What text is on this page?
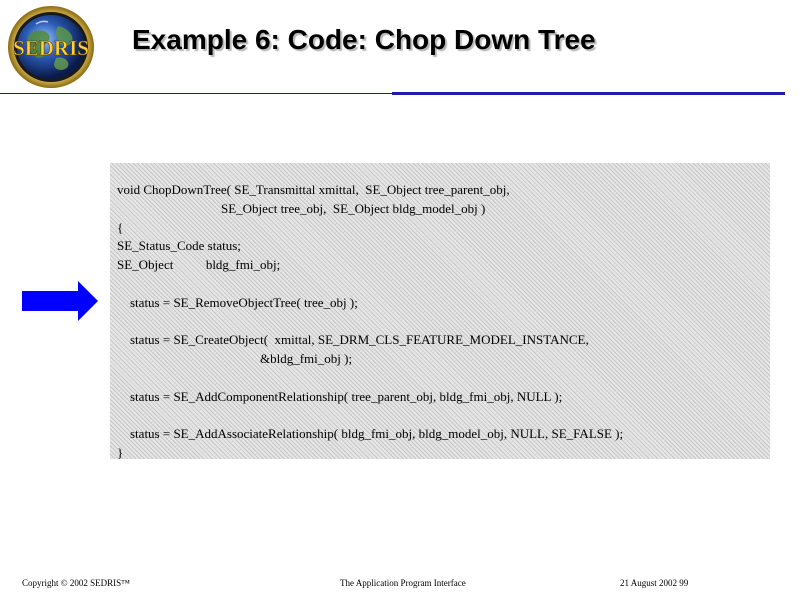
SEDRIS Example 6: Code: Chop Down Tree
void ChopDownTree( SE_Transmittal xmittal,  SE_Object tree_parent_obj,
SE_Object tree_obj,  SE_Object bldg_model_obj )
{
SE_Status_Code status;
SE_Object          bldg_fmi_obj;
status = SE_RemoveObjectTree( tree_obj );
status = SE_CreateObject(  xmittal, SE_DRM_CLS_FEATURE_MODEL_INSTANCE,
&bldg_fmi_obj );
status = SE_AddComponentRelationship( tree_parent_obj, bldg_fmi_obj, NULL );
status = SE_AddAssociateRelationship( bldg_fmi_obj, bldg_model_obj, NULL, SE_FALSE );
}
Copyright © 2002 SEDRIS™	The Application Program Interface	21 August 2002 99
